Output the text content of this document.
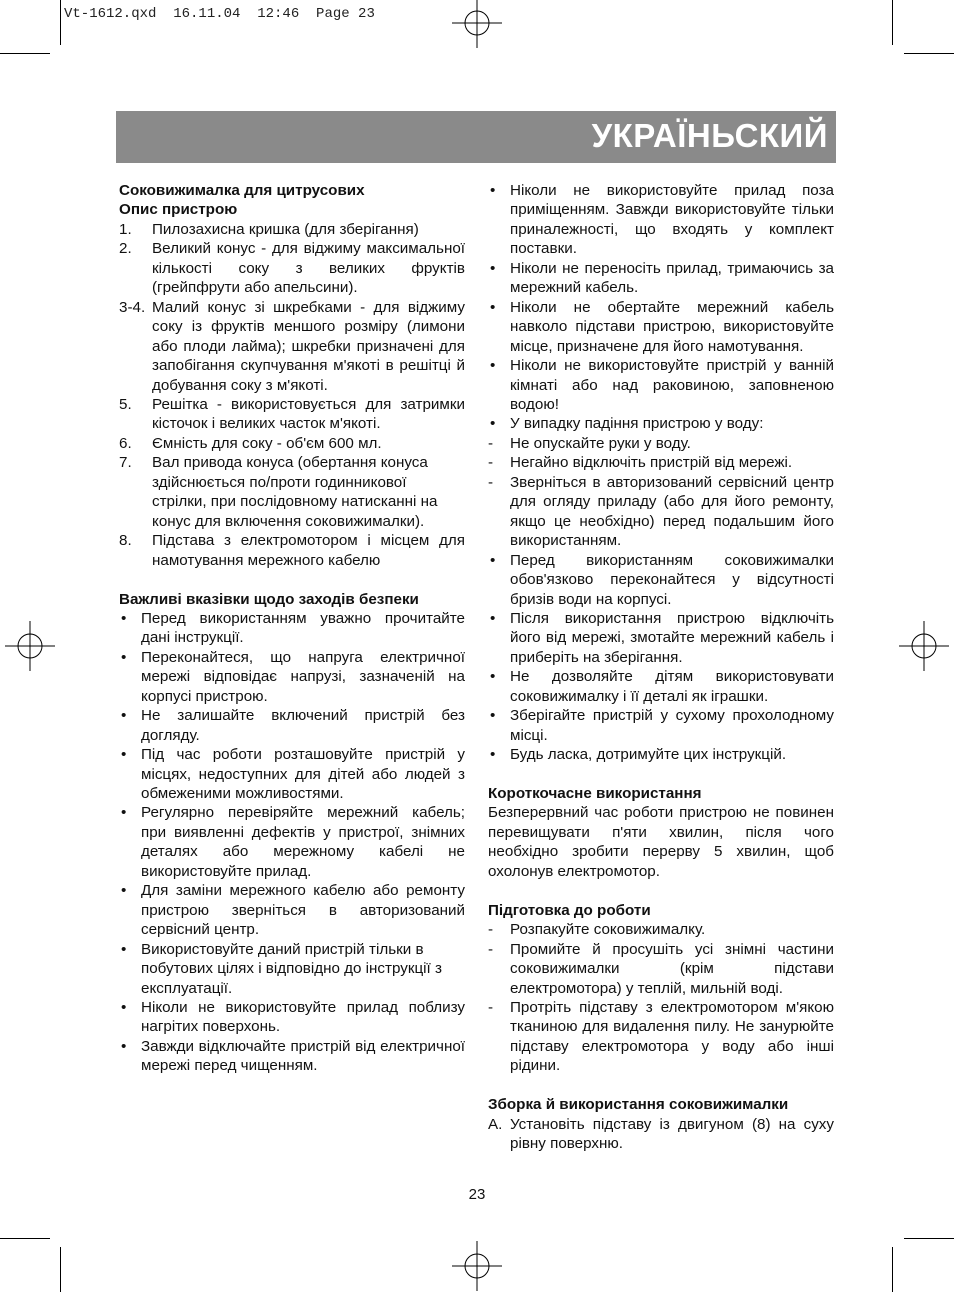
Vt-1612.qxd  16.11.04  12:46  Page 23
УКРАЇНЬСКИЙ
Соковижималка для цитрусових
Опис пристрою
1.	Пилозахисна кришка (для зберігання)
2.	Великий конус - для віджиму максимальної кількості соку з великих фруктів (грейпфрути або апельсини).
3-4. Малий конус зі шкребками - для віджиму соку із фруктів меншого розміру (лимони або плоди лайма); шкребки призначені для запобігання скупчування м'якоті в решітці й добування соку з м'якоті.
5.	Решітка - використовується для затримки кісточок і великих часток м'якоті.
6.	Ємність для соку - об'єм 600 мл.
7.	Вал привода конуса (обертання конуса здійснюється по/проти годинникової стрілки, при послідовному натисканні на конус для включення соковижималки).
8.	Підстава з електромотором і місцем для намотування мережного кабелю
Важливі вказівки щодо заходів безпеки
• Перед використанням уважно прочитайте дані інструкції.
• Переконайтеся, що напруга електричної мережі відповідає напрузі, зазначеній на корпусі пристрою.
• Не залишайте включений пристрій без догляду.
• Під час роботи розташовуйте пристрій у місцях, недоступних для дітей або людей з обмеженими можливостями.
• Регулярно перевіряйте мережний кабель; при виявленні дефектів у пристрої, знімних деталях або мережному кабелі не використовуйте прилад.
• Для заміни мережного кабелю або ремонту пристрою зверніться в авторизований сервісний центр.
• Використовуйте даний пристрій тільки в побутових цілях і відповідно до інструкції з експлуатації.
• Ніколи не використовуйте прилад поблизу нагрітих поверхонь.
• Завжди відключайте пристрій від електричної мережі перед чищенням.
• Ніколи не використовуйте прилад поза приміщенням. Завжди використовуйте тільки приналежності, що входять у комплект поставки.
• Ніколи не переносіть прилад, тримаючись за мережний кабель.
• Ніколи не обертайте мережний кабель навколо підстави пристрою, використовуйте місце, призначене для його намотування.
• Ніколи не використовуйте пристрій у ванній кімнаті або над раковиною, заповненою водою!
• У випадку падіння пристрою у воду:
-	Не опускайте руки у воду.
-	Негайно відключіть пристрій від мережі.
-	Зверніться в авторизований сервісний центр для огляду приладу (або для його ремонту, якщо це необхідно) перед подальшим його використанням.
• Перед використанням соковижималки обов'язково переконайтеся у відсутності бризів води на корпусі.
• Після використання пристрою відключіть його від мережі, змотайте мережний кабель і приберіть на зберігання.
• Не дозволяйте дітям використовувати соковижималку і її деталі як іграшки.
• Зберігайте пристрій у сухому прохолодному місці.
• Будь ласка, дотримуйте цих інструкцій.
Короткочасне використання
Безперервний час роботи пристрою не повинен перевищувати п'яти хвилин, після чого необхідно зробити перерву 5 хвилин, щоб охолонув електромотор.
Підготовка до роботи
-	Розпакуйте соковижималку.
-	Промийте й просушіть усі знімні частини соковижималки (крім підстави електромотора) у теплій, мильній воді.
-	Протріть підставу з електромотором м'якою тканиною для видалення пилу. Не занурюйте підставу електромотора у воду або інші рідини.
Зборка й використання соковижималки
A. Установіть підставу із двигуном (8) на суху рівну поверхню.
23
